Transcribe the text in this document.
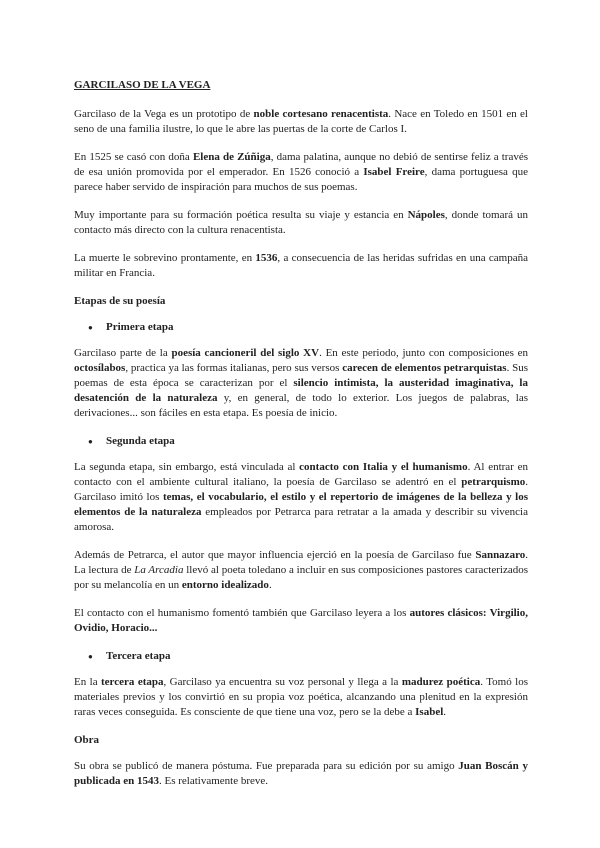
GARCILASO DE LA VEGA

Garcilaso de la Vega es un prototipo de noble cortesano renacentista. Nace en Toledo en 1501 en el seno de una familia ilustre, lo que le abre las puertas de la corte de Carlos I.

En 1525 se casó con doña Elena de Zúñiga, dama palatina, aunque no debió de sentirse feliz a través de esa unión promovida por el emperador. En 1526 conoció a Isabel Freire, dama portuguesa que parece haber servido de inspiración para muchos de sus poemas.

Muy importante para su formación poética resulta su viaje y estancia en Nápoles, donde tomará un contacto más directo con la cultura renacentista.

La muerte le sobrevino prontamente, en 1536, a consecuencia de las heridas sufridas en una campaña militar en Francia.

Etapas de su poesía
●	Primera etapa

Garcilaso parte de la poesía cancioneril del siglo XV. En este periodo, junto con composiciones en octosílabos, practica ya las formas italianas, pero sus versos carecen de elementos petrarquistas. Sus poemas de esta época se caracterizan por el silencio intimista, la austeridad imaginativa, la desatención de la naturaleza y, en general, de todo lo exterior. Los juegos de palabras, las derivaciones... son fáciles en esta etapa. Es poesía de inicio.

●	Segunda etapa

La segunda etapa, sin embargo, está vinculada al contacto con Italia y el humanismo. Al entrar en contacto con el ambiente cultural italiano, la poesía de Garcilaso se adentró en el petrarquismo. Garcilaso imitó los temas, el vocabulario, el estilo y el repertorio de imágenes de la belleza y los elementos de la naturaleza empleados por Petrarca para retratar a la amada y describir su vivencia amorosa.

Además de Petrarca, el autor que mayor influencia ejerció en la poesía de Garcilaso fue Sannazaro. La lectura de La Arcadia llevó al poeta toledano a incluir en sus composiciones pastores caracterizados por su melancolía en un entorno idealizado.

El contacto con el humanismo fomentó también que Garcilaso leyera a los autores clásicos: Virgilio, Ovidio, Horacio...

●	Tercera etapa

En la tercera etapa, Garcilaso ya encuentra su voz personal y llega a la madurez poética. Tomó los materiales previos y los convirtió en su propia voz poética, alcanzando una plenitud en la expresión raras veces conseguida. Es consciente de que tiene una voz, pero se la debe a Isabel.

Obra

Su obra se publicó de manera póstuma. Fue preparada para su edición por su amigo Juan Boscán y publicada en 1543. Es relativamente breve.
